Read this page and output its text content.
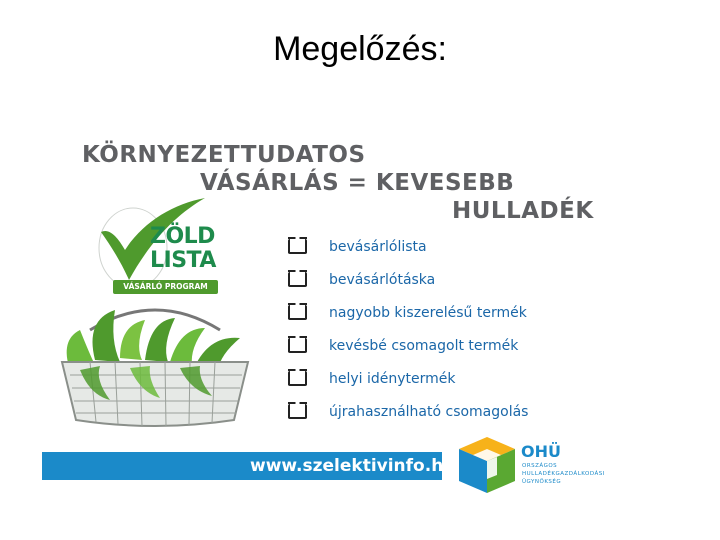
Megelőzés:
KÖRNYEZETTUDATOS
VÁSÁRLÁS = KEVESEBB
HULLADÉK
ZÖLD
LISTA
VÁSÁRLÓ PROGRAM
bevásárlólista
bevásárlótáska
nagyobb kiszerelésű termék
kevésbé csomagolt termék
helyi idénytermék
újrahasználható csomagolás
www.szelektivinfo.hu
OHÜ
ORSZÁGOS HULLADÉKGAZDÁLKODÁSI ÜGYNÖKSÉG
